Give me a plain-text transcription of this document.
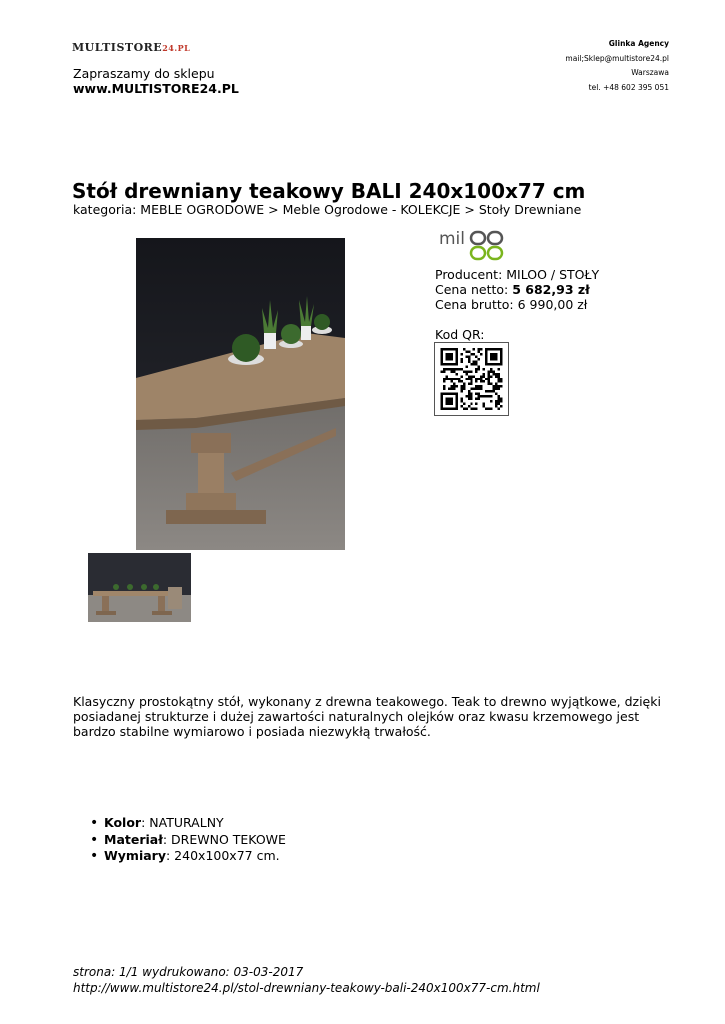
MULTISTORE24.PL
Zapraszamy do sklepu
www.MULTISTORE24.PL
Glinka Agency
mail;Sklep@multistore24.pl
Warszawa
tel. +48 602 395 051
Stół drewniany teakowy BALI 240x100x77 cm
kategoria: MEBLE OGRODOWE > Meble Ogrodowe - KOLEKCJE > Stoły Drewniane
mil
Producent: MILOO / STOŁY
Cena netto: 5 682,93 zł
Cena brutto: 6 990,00 zł
Kod QR:

Klasyczny prostokątny stół, wykonany z drewna teakowego. Teak to drewno wyjątkowe, dzięki posiadanej strukturze i dużej zawartości naturalnych olejków oraz kwasu krzemowego jest bardzo stabilne wymiarowo i posiada niezwykłą trwałość.

• Kolor : NATURALNY
• Materiał : DREWNO TEKOWE
• Wymiary : 240x100x77 cm.
strona: 1/1 wydrukowano: 03-03-2017
http://www.multistore24.pl/stol-drewniany-teakowy-bali-240x100x77-cm.html
